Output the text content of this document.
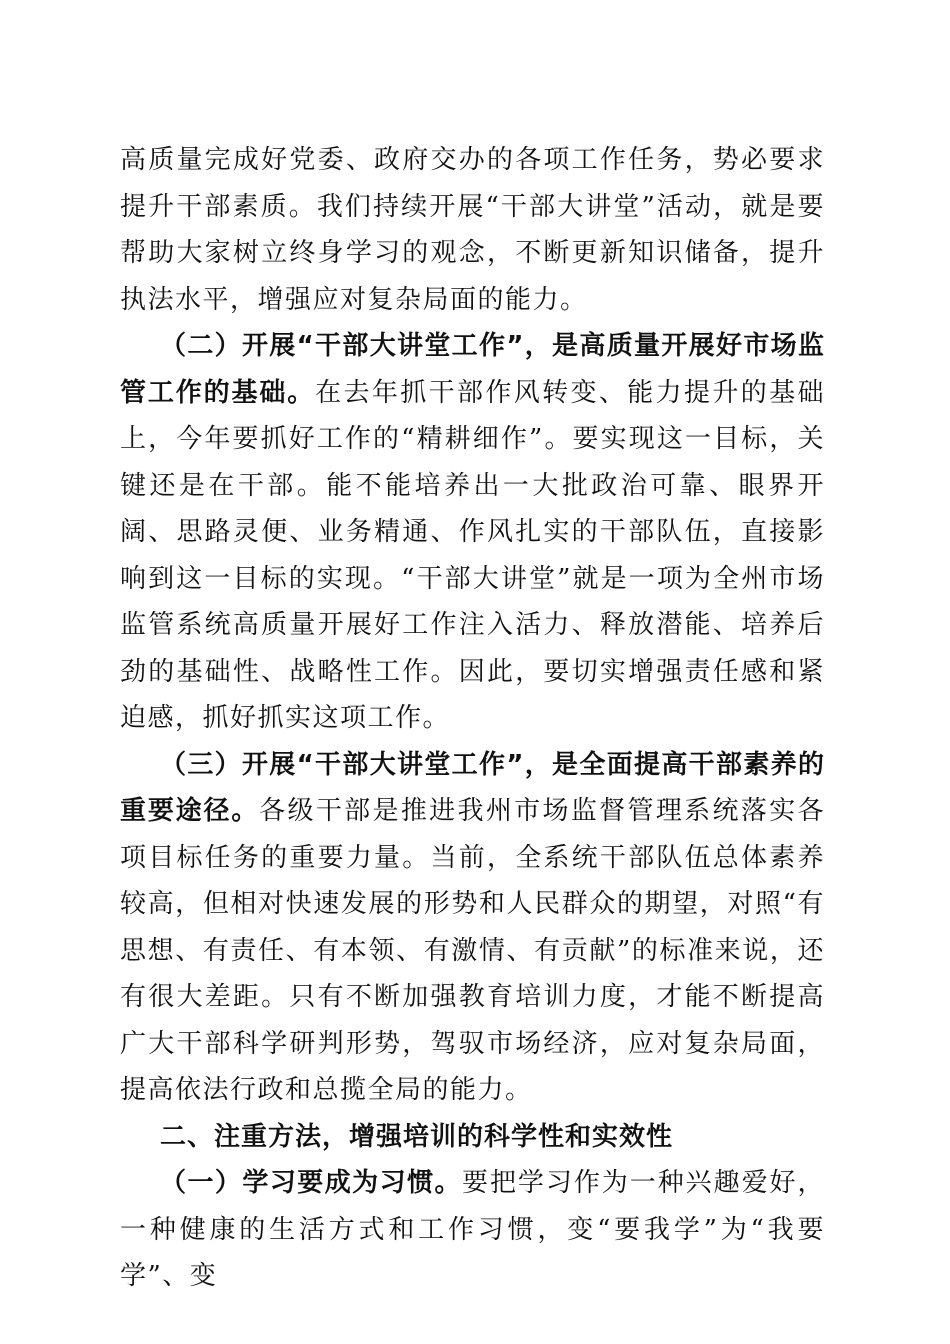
高质量完成好党委、政府交办的各项工作任务，势必要求提升干部素质。我们持续开展“干部大讲堂”活动，就是要帮助大家树立终身学习的观念，不断更新知识储备，提升执法水平，增强应对复杂局面的能力。

（二）开展“干部大讲堂工作”，是高质量开展好市场监管工作的基础。在去年抓干部作风转变、能力提升的基础上，今年要抓好工作的“精耕细作”。要实现这一目标，关键还是在干部。能不能培养出一大批政治可靠、眼界开阔、思路灵便、业务精通、作风扎实的干部队伍，直接影响到这一目标的实现。“干部大讲堂”就是一项为全州市场监管系统高质量开展好工作注入活力、释放潜能、培养后劲的基础性、战略性工作。因此，要切实增强责任感和紧迫感，抓好抓实这项工作。

（三）开展“干部大讲堂工作”，是全面提高干部素养的重要途径。各级干部是推进我州市场监督管理系统落实各项目标任务的重要力量。当前，全系统干部队伍总体素养较高，但相对快速发展的形势和人民群众的期望，对照“有思想、有责任、有本领、有激情、有贡献”的标准来说，还有很大差距。只有不断加强教育培训力度，才能不断提高广大干部科学研判形势，驾驭市场经济，应对复杂局面，提高依法行政和总揽全局的能力。

二、注重方法，增强培训的科学性和实效性

（一）学习要成为习惯。要把学习作为一种兴趣爱好，一种健康的生活方式和工作习惯，变“要我学”为“我要学”、变
